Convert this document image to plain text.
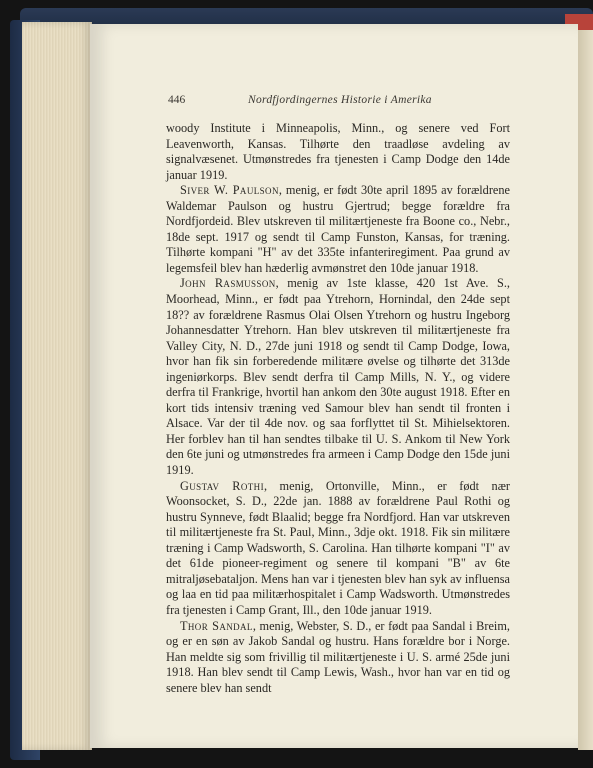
446	Nordfjordingernes Historie i Amerika

woody Institute i Minneapolis, Minn., og senere ved Fort Leavenworth, Kansas. Tilhørte den traadløse avdeling av signalvæsenet. Utmønstredes fra tjenesten i Camp Dodge den 14de januar 1919.

Siver W. Paulson, menig, er født 30te april 1895 av forældrene Waldemar Paulson og hustru Gjertrud; begge forældre fra Nordfjordeid. Blev utskreven til militærtjeneste fra Boone co., Nebr., 18de sept. 1917 og sendt til Camp Funston, Kansas, for træning. Tilhørte kompani "H" av det 335te infanteriregiment. Paa grund av legemsfeil blev han hæderlig avmønstret den 10de januar 1918.

John Rasmusson, menig av 1ste klasse, 420 1st Ave. S., Moorhead, Minn., er født paa Ytrehorn, Hornindal, den 24de sept 18?? av forældrene Rasmus Olai Olsen Ytrehorn og hustru Ingeborg Johannesdatter Ytrehorn. Han blev utskreven til militærtjeneste fra Valley City, N. D., 27de juni 1918 og sendt til Camp Dodge, Iowa, hvor han fik sin forberedende militære øvelse og tilhørte det 313de ingeniørkorps. Blev sendt derfra til Camp Mills, N. Y., og videre derfra til Frankrige, hvortil han ankom den 30te august 1918. Efter en kort tids intensiv træning ved Samour blev han sendt til fronten i Alsace. Var der til 4de nov. og saa forflyttet til St. Mihielsektoren. Her forblev han til han sendtes tilbake til U. S. Ankom til New York den 6te juni og utmønstredes fra armeen i Camp Dodge den 15de juni 1919.

Gustav Rothi, menig, Ortonville, Minn., er født nær Woonsocket, S. D., 22de jan. 1888 av forældrene Paul Rothi og hustru Synneve, født Blaalid; begge fra Nordfjord. Han var utskreven til militærtjeneste fra St. Paul, Minn., 3dje okt. 1918. Fik sin militære træning i Camp Wadsworth, S. Carolina. Han tilhørte kompani "I" av det 61de pioneer-regiment og senere til kompani "B" av 6te mitraljøsebataljon. Mens han var i tjenesten blev han syk av influensa og laa en tid paa militærhospitalet i Camp Wadsworth. Utmønstredes fra tjenesten i Camp Grant, Ill., den 10de januar 1919.

Thor Sandal, menig, Webster, S. D., er født paa Sandal i Breim, og er en søn av Jakob Sandal og hustru. Hans forældre bor i Norge. Han meldte sig som frivillig til militærtjeneste i U. S. armé 25de juni 1918. Han blev sendt til Camp Lewis, Wash., hvor han var en tid og senere blev han sendt
